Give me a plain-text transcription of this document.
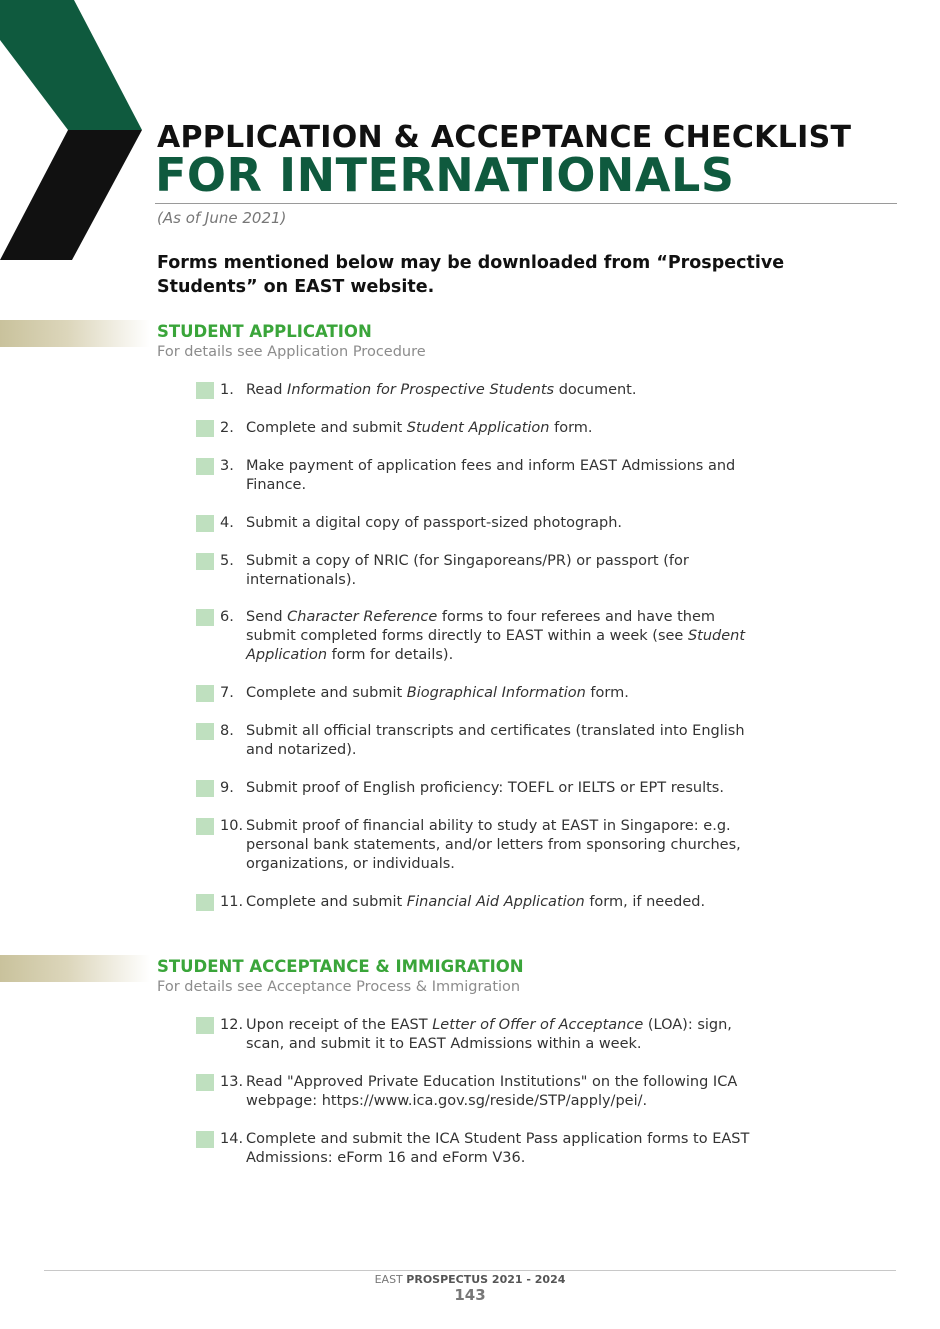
APPLICATION & ACCEPTANCE CHECKLIST
FOR INTERNATIONALS
(As of June 2021)
Forms mentioned below may be downloaded from “Prospective
Students” on EAST website.
STUDENT APPLICATION
For details see Application Procedure
1. Read Information for Prospective Students document.
2. Complete and submit Student Application form.
3. Make payment of application fees and inform EAST Admissions and
Finance.
4. Submit a digital copy of passport-sized photograph.
5. Submit a copy of NRIC (for Singaporeans/PR) or passport (for
internationals).
6. Send Character Reference forms to four referees and have them
submit completed forms directly to EAST within a week (see Student
Application form for details).
7. Complete and submit Biographical Information form.
8. Submit all official transcripts and certificates (translated into English
and notarized).
9. Submit proof of English proficiency: TOEFL or IELTS or EPT results.
10. Submit proof of financial ability to study at EAST in Singapore: e.g.
personal bank statements, and/or letters from sponsoring churches,
organizations, or individuals.
11. Complete and submit Financial Aid Application form, if needed.
STUDENT ACCEPTANCE & IMMIGRATION
For details see Acceptance Process & Immigration
12. Upon receipt of the EAST Letter of Offer of Acceptance (LOA): sign,
scan, and submit it to EAST Admissions within a week.
13. Read "Approved Private Education Institutions" on the following ICA
webpage: https://www.ica.gov.sg/reside/STP/apply/pei/.
14. Complete and submit the ICA Student Pass application forms to EAST
Admissions: eForm 16 and eForm V36.
EAST PROSPECTUS 2021 - 2024
143
